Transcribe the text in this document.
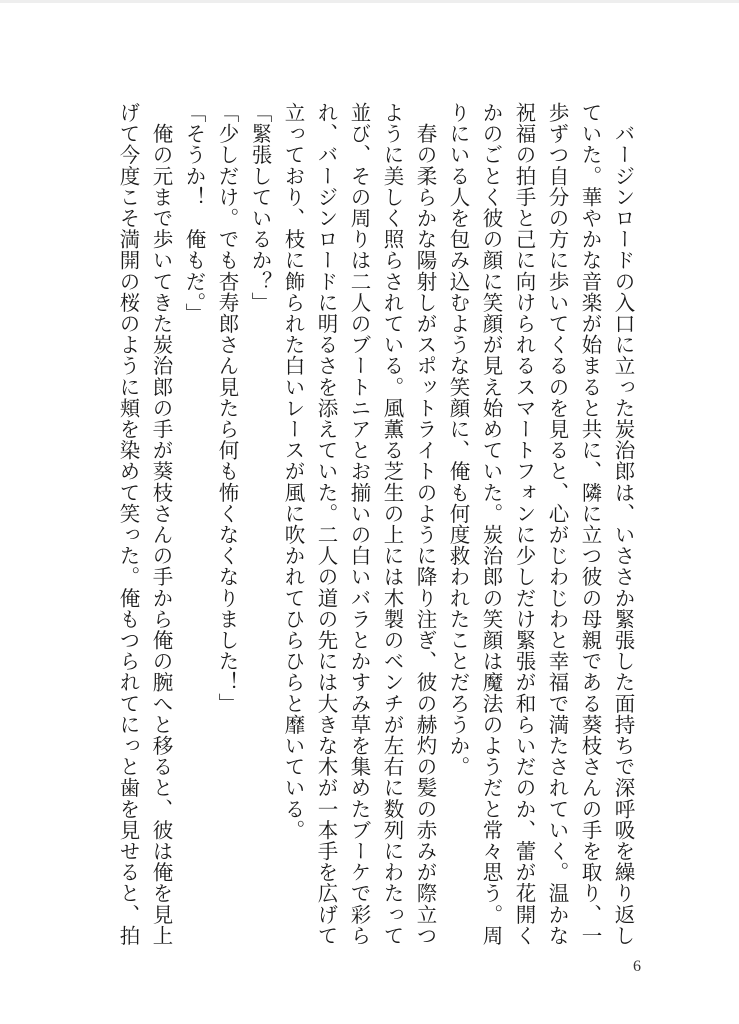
　バージンロードの入口に立った炭治郎は、いささか緊張した面持ちで深呼吸を繰り返し
ていた。華やかな音楽が始まると共に、隣に立つ彼の母親である葵枝さんの手を取り、一
歩ずつ自分の方に歩いてくるのを見ると、心がじわじわと幸福で満たされていく。温かな
祝福の拍手と己に向けられるスマートフォンに少しだけ緊張が和らいだのか、蕾が花開く
かのごとく彼の顔に笑顔が見え始めていた。炭治郎の笑顔は魔法のようだと常々思う。周
りにいる人を包み込むような笑顔に、俺も何度救われたことだろうか。
　春の柔らかな陽射しがスポットライトのように降り注ぎ、彼の赫灼の髪の赤みが際立つ
ように美しく照らされている。風薫る芝生の上には木製のベンチが左右に数列にわたって
並び、その周りは二人のブートニアとお揃いの白いバラとかすみ草を集めたブーケで彩ら
れ、バージンロードに明るさを添えていた。二人の道の先には大きな木が一本手を広げて
立っており、枝に飾られた白いレースが風に吹かれてひらひらと靡いている。
「緊張しているか？」
「少しだけ。でも杏寿郎さん見たら何も怖くなくなりました！」
「そうか！　俺もだ。」
　俺の元まで歩いてきた炭治郎の手が葵枝さんの手から俺の腕へと移ると、彼は俺を見上
げて今度こそ満開の桜のように頬を染めて笑った。俺もつられてにっと歯を見せると、拍
6
